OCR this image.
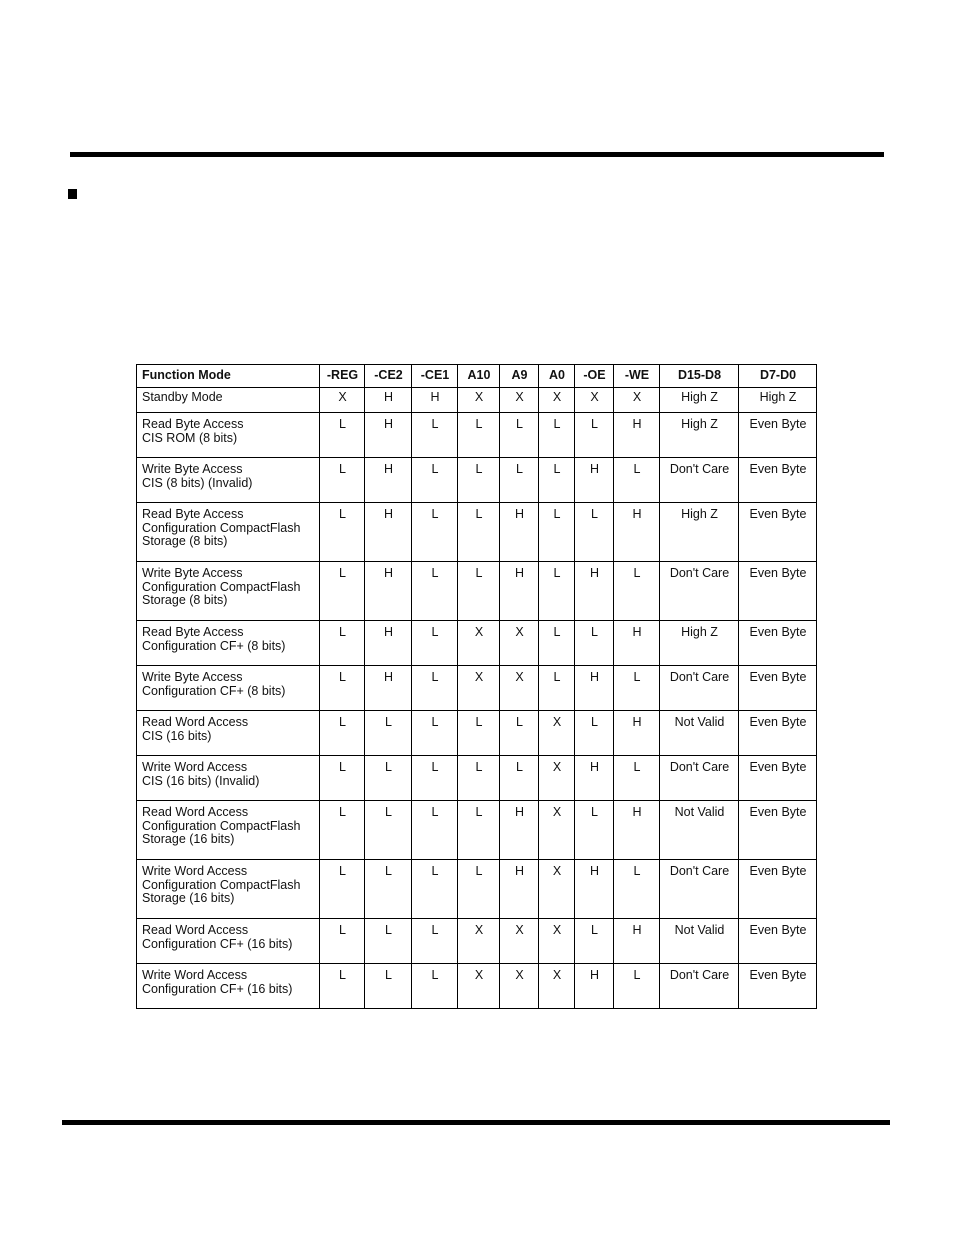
Function Mode	-REG	-CE2	-CE1	A10	A9	A0	-OE	-WE	D15-D8	D7-D0
Standby Mode	X	H	H	X	X	X	X	X	High Z	High Z
Read Byte Access
CIS ROM (8 bits)	L	H	L	L	L	L	L	H	High Z	Even Byte
Write Byte Access
CIS (8 bits) (Invalid)	L	H	L	L	L	L	H	L	Don't Care	Even Byte
Read Byte Access
Configuration CompactFlash
Storage (8 bits)	L	H	L	L	H	L	L	H	High Z	Even Byte
Write Byte Access
Configuration CompactFlash
Storage (8 bits)	L	H	L	L	H	L	H	L	Don't Care	Even Byte
Read Byte Access
Configuration CF+ (8 bits)	L	H	L	X	X	L	L	H	High Z	Even Byte
Write Byte Access
Configuration CF+ (8 bits)	L	H	L	X	X	L	H	L	Don't Care	Even Byte
Read Word Access
CIS (16 bits)	L	L	L	L	L	X	L	H	Not Valid	Even Byte
Write Word Access
CIS (16 bits) (Invalid)	L	L	L	L	L	X	H	L	Don't Care	Even Byte
Read Word Access
Configuration CompactFlash
Storage (16 bits)	L	L	L	L	H	X	L	H	Not Valid	Even Byte
Write Word Access
Configuration CompactFlash
Storage (16 bits)	L	L	L	L	H	X	H	L	Don't Care	Even Byte
Read Word Access
Configuration CF+ (16 bits)	L	L	L	X	X	X	L	H	Not Valid	Even Byte
Write Word Access
Configuration CF+ (16 bits)	L	L	L	X	X	X	H	L	Don't Care	Even Byte
